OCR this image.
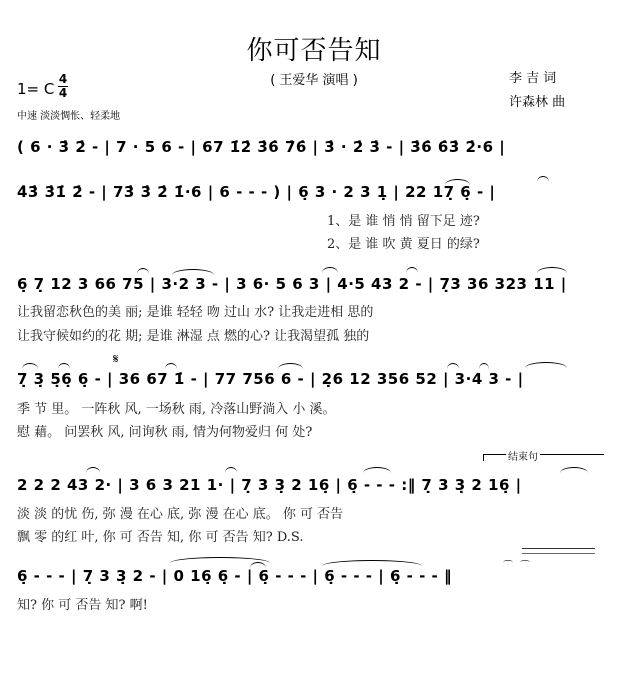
你可否告知
( 王爱华 演唱 )	李 吉 词
许森林 曲
1= C
4
4
中速 淡淡惆怅、轻柔地
( 6 · 3̇ 2̇ - | 7 · 5 6 - | 67 1̇2̇ 3̇6̇ 7̇6̇ | 3̇ · 2̇ 3̇ - | 3̇6̇ 6̇3̇ 2̇·6 |
4̇3̇ 3̇1̇ 2̇ - | 73̇ 3̇ 2̇ 1̇·6 | 6 - - - ) | 6̣ 3 · 2 3 1̣ | 22 17̣ 6̣ - |
1、是 谁 悄 悄 留下足 迹?
2、是 谁 吹 黄 夏日 的绿?
6̣ 7̣ 12 3 66 75 | 3·2 3 - | 3 6· 5 6 3 | 4·5 43 2 - | 7̣3 36 323 11 |
让我留恋秋色的美 丽; 是谁 轻轻 吻 过山 水? 让我走进相 思的
让我守候如约的花 期; 是谁 淋湿 点 燃的心? 让我渴望孤 独的
𝄋
7̣ 3̣ 5̣6̣ 6̣ - | 36 67 1̇ - | 77 756 6 - | 2̣6 12 356 52 | 3·4 3 - |
季 节 里。 一阵秋 风, 一场秋 雨, 冷落山野淌入 小 溪。
慰 藉。 问罢秋 风, 问询秋 雨, 情为何物爱归 何 处?
结束句
2 2 2 43 2· | 3 6 3 21 1· | 7̣ 3 3̣ 2 16̣ | 6̣ - - - :‖ 7̣ 3 3̣ 2 16̣ |
淡 淡 的忧 伤, 弥 漫 在心 底, 弥 漫 在心 底。 你 可 否告
飘 零 的红 叶, 你 可 否告 知, 你 可 否告 知? D.S.
6̣ - - - | 7̣ 3 3̣ 2 - | 0 16̣ 6̣ - | 6̣ - - - | 6̣ - - - | 6̣ - - - ‖
知? 你 可 否告 知? 啊!
⌒ ⌒
